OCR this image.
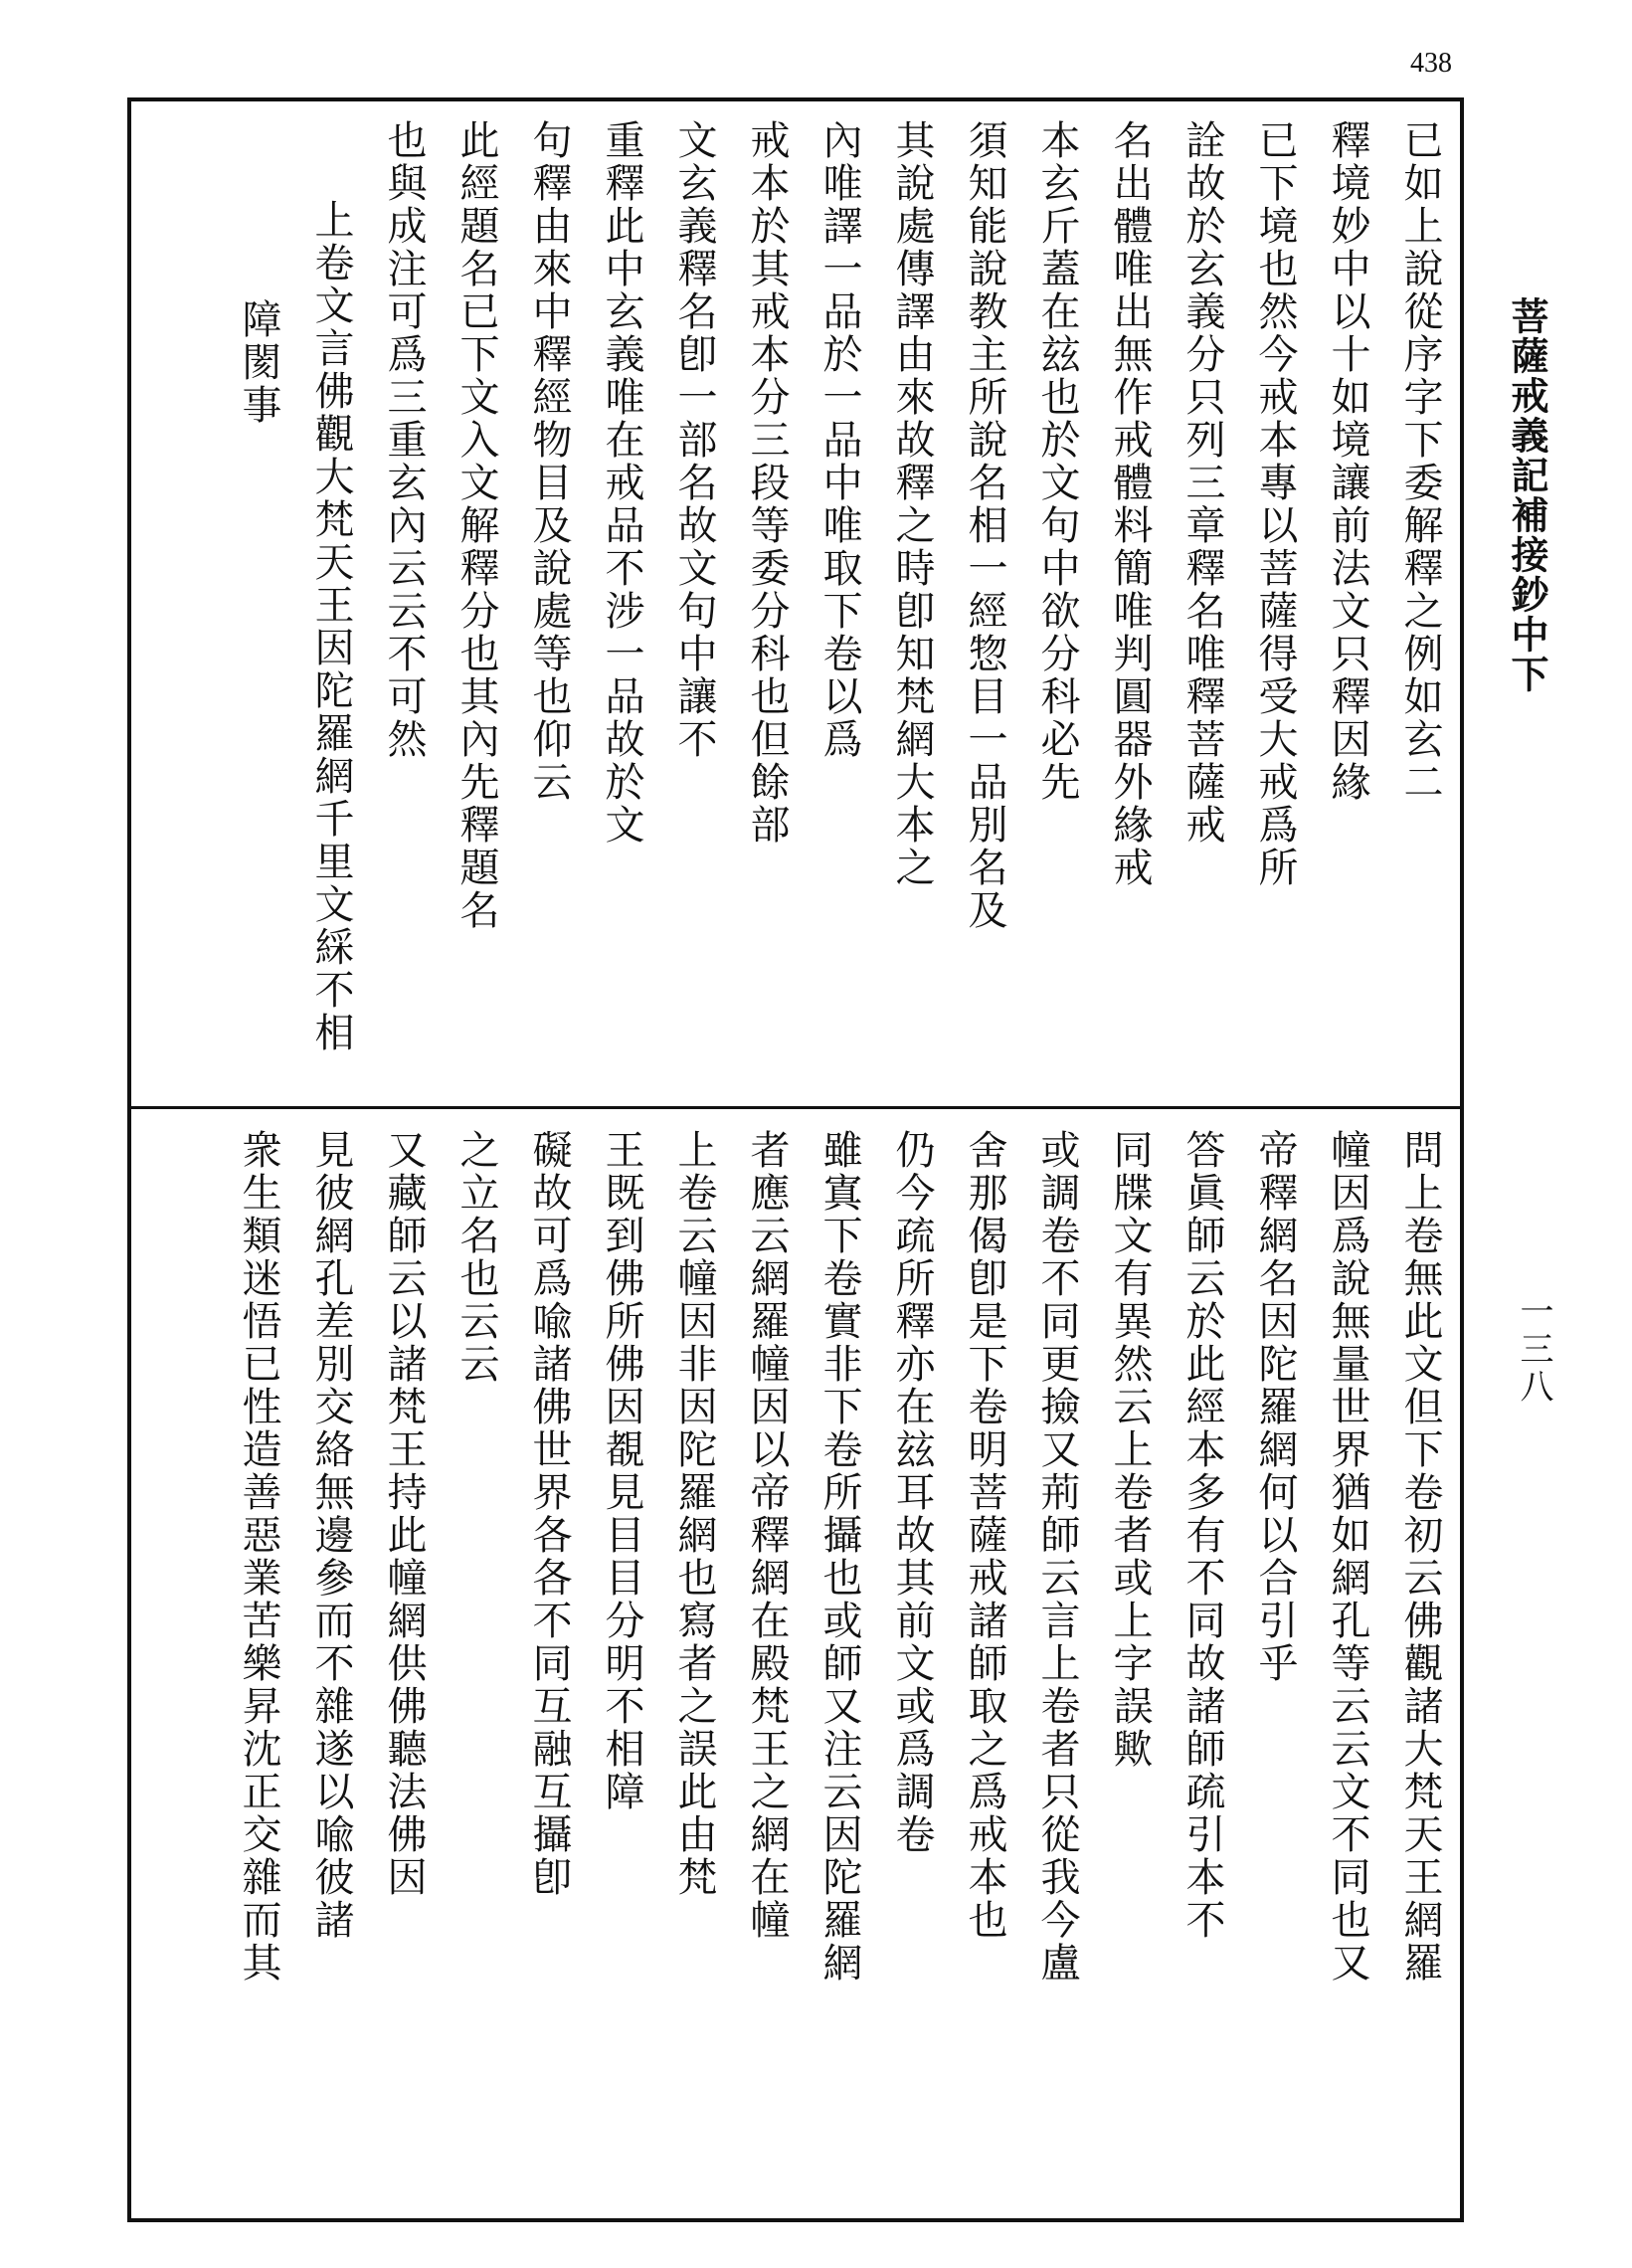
438
已如上說從序字下委解釋之例如玄二
釋境妙中以十如境讓前法文只釋因緣
已下境也然今戒本專以菩薩得受大戒爲所
詮故於玄義分只列三章釋名唯釋菩薩戒
名出體唯出無作戒體料簡唯判圓器外緣戒
本玄斤蓋在玆也於文句中欲分科必先
須知能說教主所說名相一經惣目一品別名及
其說處傳譯由來故釋之時卽知梵網大本之
內唯譯一品於一品中唯取下卷以爲
戒本於其戒本分三段等委分科也但餘部
文玄義釋名卽一部名故文句中讓不
重釋此中玄義唯在戒品不涉一品故於文
句釋由來中釋經物目及說處等也仰云
此經題名已下文入文解釋分也其內先釋題名
也與成注可爲三重玄內云云不可然
上卷文言佛觀大梵天王因陀羅網千里文綵不相
障閡事
問上卷無此文但下卷初云佛觀諸大梵天王網羅
幢因爲說無量世界猶如網孔等云云文不同也又
帝釋網名因陀羅網何以合引乎
答眞師云於此經本多有不同故諸師疏引本不
同牒文有異然云上卷者或上字誤歟
或調卷不同更撿又荊師云言上卷者只從我今盧
舍那偈卽是下卷明菩薩戒諸師取之爲戒本也
仍今疏所釋亦在玆耳故其前文或爲調卷
雖寘下卷實非下卷所攝也或師又注云因陀羅網
者應云網羅幢因以帝釋網在殿梵王之網在幢
上卷云幢因非因陀羅網也寫者之誤此由梵
王既到佛所佛因覩見目目分明不相障
礙故可爲喩諸佛世界各各不同互融互攝卽
之立名也云云
又藏師云以諸梵王持此幢網供佛聽法佛因
見彼網孔差別交絡無邊參而不雜遂以喩彼諸
衆生類迷悟已性造善惡業苦樂昇沈正交雜而其
菩薩戒義記補接鈔中下
一三八
